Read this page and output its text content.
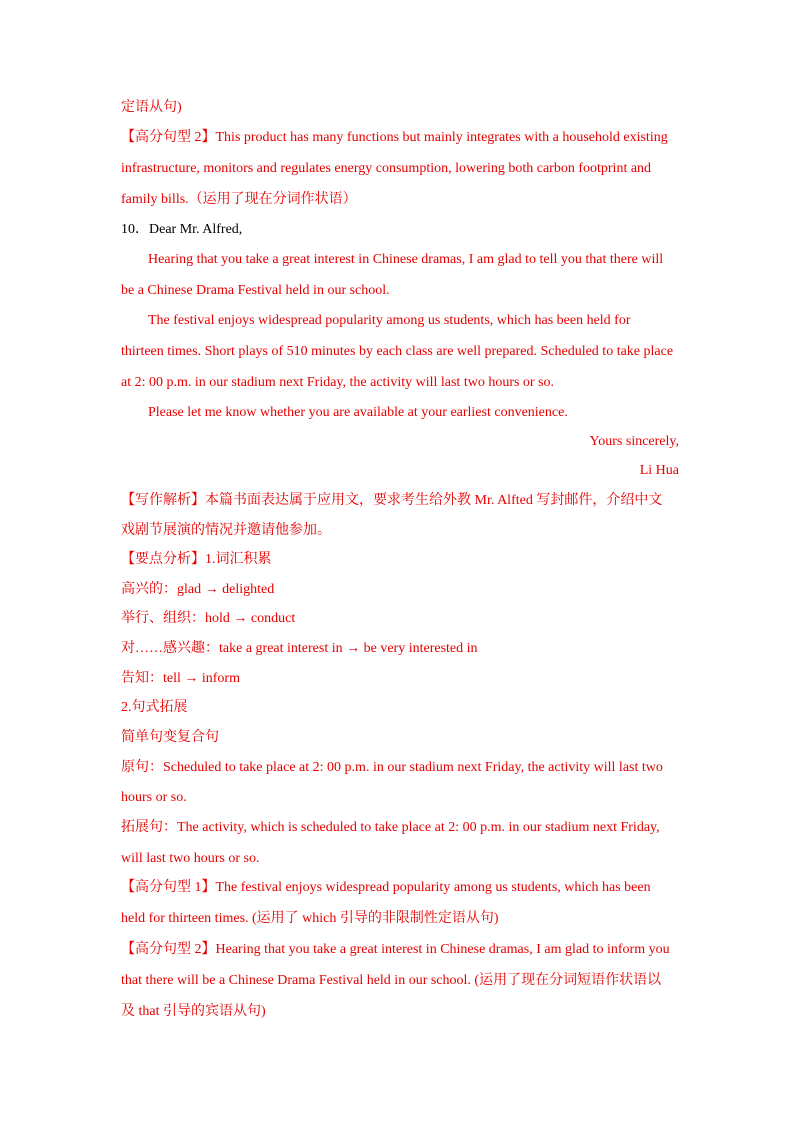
定语从句)
【高分句型 2】This product has many functions but mainly integrates with a household existing
infrastructure, monitors and regulates energy consumption, lowering both carbon footprint and
family bills.（运用了现在分词作状语）
10．Dear Mr. Alfred,
Hearing that you take a great interest in Chinese dramas, I am glad to tell you that there will
be a Chinese Drama Festival held in our school.
The festival enjoys widespread popularity among us students, which has been held for
thirteen times. Short plays of 510 minutes by each class are well prepared. Scheduled to take place
at 2: 00 p.m. in our stadium next Friday, the activity will last two hours or so.
Please let me know whether you are available at your earliest convenience.
Yours sincerely,
Li Hua
【写作解析】本篇书面表达属于应用文，要求考生给外教 Mr. Alfted 写封邮件，介绍中文
戏剧节展演的情况并邀请他参加。
【要点分析】1.词汇积累
高兴的：glad → delighted
举行、组织：hold → conduct
对……感兴趣：take a great interest in → be very interested in
告知：tell → inform
2.句式拓展
简单句变复合句
原句：Scheduled to take place at 2: 00 p.m. in our stadium next Friday, the activity will last two
hours or so.
拓展句：The activity, which is scheduled to take place at 2: 00 p.m. in our stadium next Friday,
will last two hours or so.
【高分句型 1】The festival enjoys widespread popularity among us students, which has been
held for thirteen times. (运用了 which 引导的非限制性定语从句)
【高分句型 2】Hearing that you take a great interest in Chinese dramas, I am glad to inform you
that there will be a Chinese Drama Festival held in our school. (运用了现在分词短语作状语以
及 that 引导的宾语从句)
